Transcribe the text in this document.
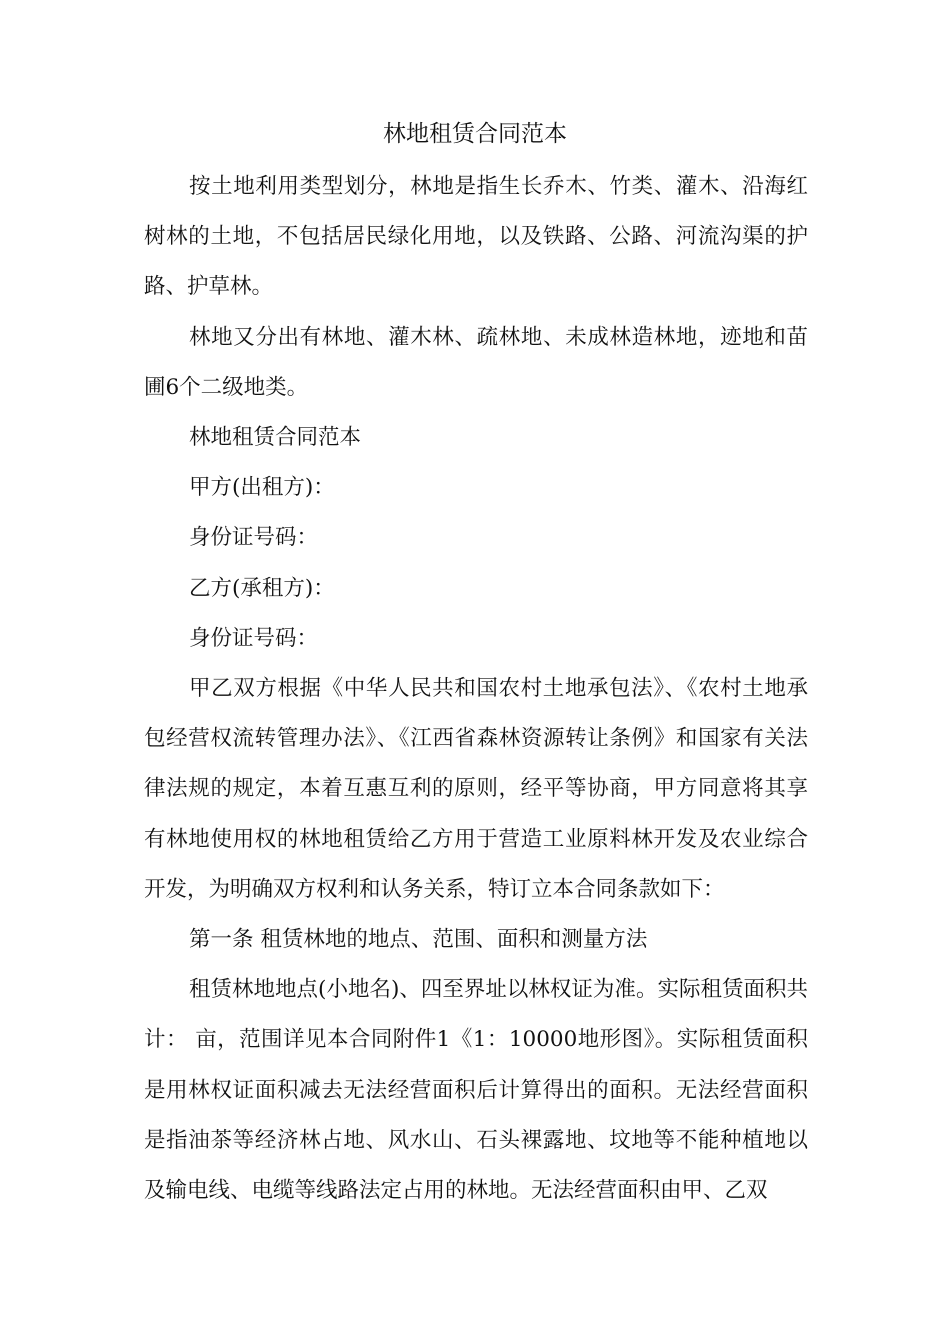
林地租赁合同范本

按土地利用类型划分，林地是指生长乔木、竹类、灌木、沿海红树林的土地，不包括居民绿化用地，以及铁路、公路、河流沟渠的护路、护草林。

林地又分出有林地、灌木林、疏林地、未成林造林地，迹地和苗圃6个二级地类。

林地租赁合同范本

甲方(出租方)：

身份证号码：

乙方(承租方)：

身份证号码：

甲乙双方根据《中华人民共和国农村土地承包法》、《农村土地承包经营权流转管理办法》、《江西省森林资源转让条例》和国家有关法律法规的规定，本着互惠互利的原则，经平等协商，甲方同意将其享有林地使用权的林地租赁给乙方用于营造工业原料林开发及农业综合开发，为明确双方权利和认务关系，特订立本合同条款如下：

第一条 租赁林地的地点、范围、面积和测量方法

租赁林地地点(小地名)、四至界址以林权证为准。实际租赁面积共计： 亩，范围详见本合同附件1《1：10000地形图》。实际租赁面积是用林权证面积减去无法经营面积后计算得出的面积。无法经营面积是指油茶等经济林占地、风水山、石头裸露地、坟地等不能种植地以及输电线、电缆等线路法定占用的林地。无法经营面积由甲、乙双
